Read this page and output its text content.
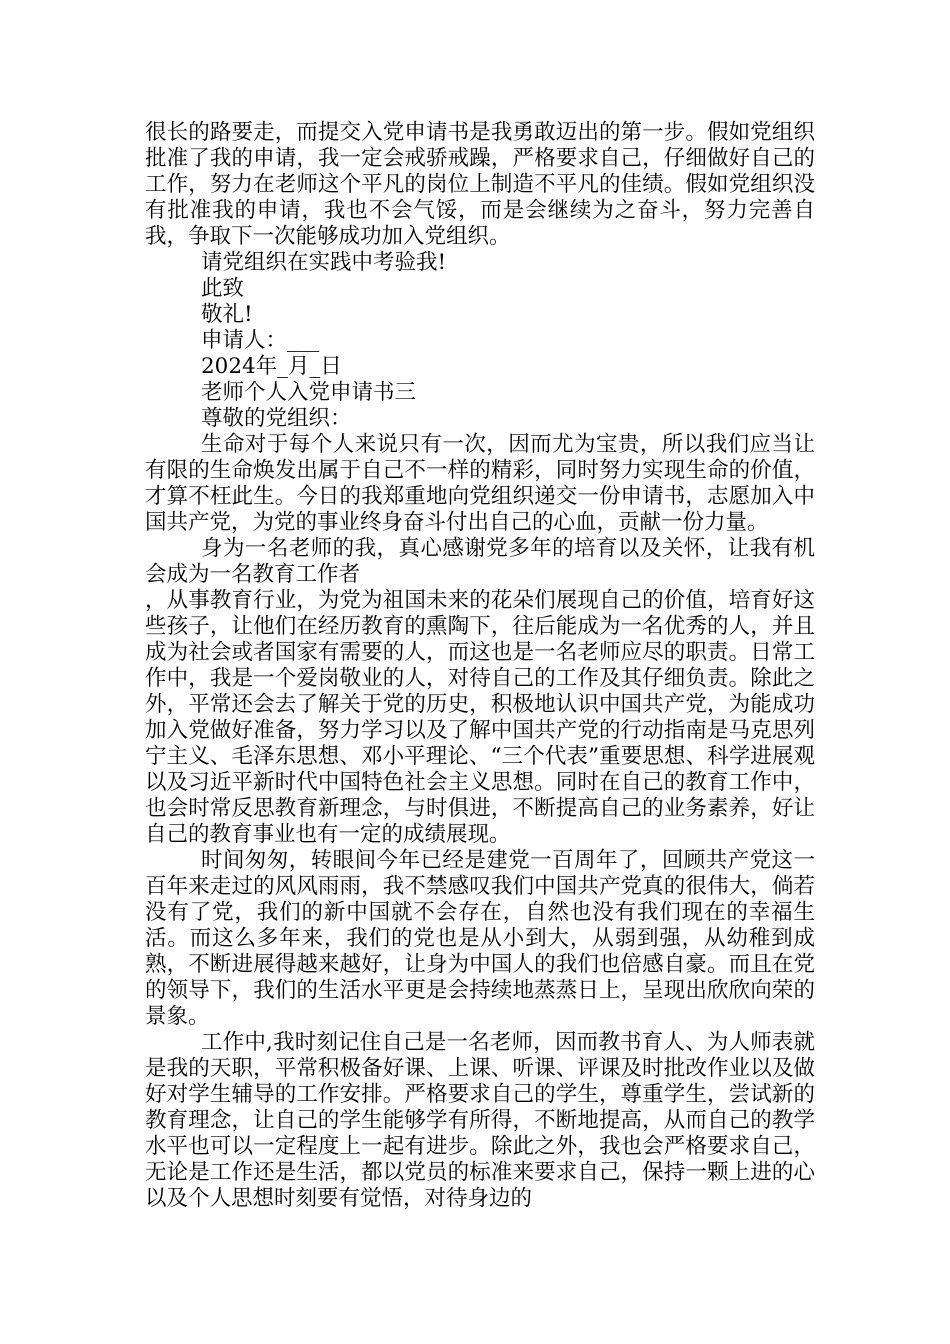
很长的路要走，而提交入党申请书是我勇敢迈出的第一步。假如党组织批准了我的申请，我一定会戒骄戒躁，严格要求自己，仔细做好自己的工作，努力在老师这个平凡的岗位上制造不平凡的佳绩。假如党组织没有批准我的申请，我也不会气馁，而是会继续为之奋斗，努力完善自我，争取下一次能够成功加入党组织。

请党组织在实践中考验我!
此致
敬礼!
申请人：___
2024年_月_日
老师个人入党申请书三
尊敬的党组织：

生命对于每个人来说只有一次，因而尤为宝贵，所以我们应当让有限的生命焕发出属于自己不一样的精彩，同时努力实现生命的价值，才算不枉此生。今日的我郑重地向党组织递交一份申请书，志愿加入中国共产党，为党的事业终身奋斗付出自己的心血，贡献一份力量。

身为一名老师的我，真心感谢党多年的培育以及关怀，让我有机会成为一名教育工作者

，从事教育行业，为党为祖国未来的花朵们展现自己的价值，培育好这些孩子，让他们在经历教育的熏陶下，往后能成为一名优秀的人，并且成为社会或者国家有需要的人，而这也是一名老师应尽的职责。日常工作中，我是一个爱岗敬业的人，对待自己的工作及其仔细负责。除此之外，平常还会去了解关于党的历史，积极地认识中国共产党，为能成功加入党做好准备，努力学习以及了解中国共产党的行动指南是马克思列宁主义、毛泽东思想、邓小平理论、“三个代表”重要思想、科学进展观以及习近平新时代中国特色社会主义思想。同时在自己的教育工作中，也会时常反思教育新理念，与时俱进，不断提高自己的业务素养，好让自己的教育事业也有一定的成绩展现。

时间匆匆，转眼间今年已经是建党一百周年了，回顾共产党这一百年来走过的风风雨雨，我不禁感叹我们中国共产党真的很伟大，倘若没有了党，我们的新中国就不会存在，自然也没有我们现在的幸福生活。而这么多年来，我们的党也是从小到大，从弱到强，从幼稚到成熟，不断进展得越来越好，让身为中国人的我们也倍感自豪。而且在党的领导下，我们的生活水平更是会持续地蒸蒸日上，呈现出欣欣向荣的景象。

工作中,我时刻记住自己是一名老师，因而教书育人、为人师表就是我的天职，平常积极备好课、上课、听课、评课及时批改作业以及做好对学生辅导的工作安排。严格要求自己的学生，尊重学生，尝试新的教育理念，让自己的学生能够学有所得，不断地提高，从而自己的教学水平也可以一定程度上一起有进步。除此之外，我也会严格要求自己，无论是工作还是生活，都以党员的标准来要求自己，保持一颗上进的心以及个人思想时刻要有觉悟，对待身边的
